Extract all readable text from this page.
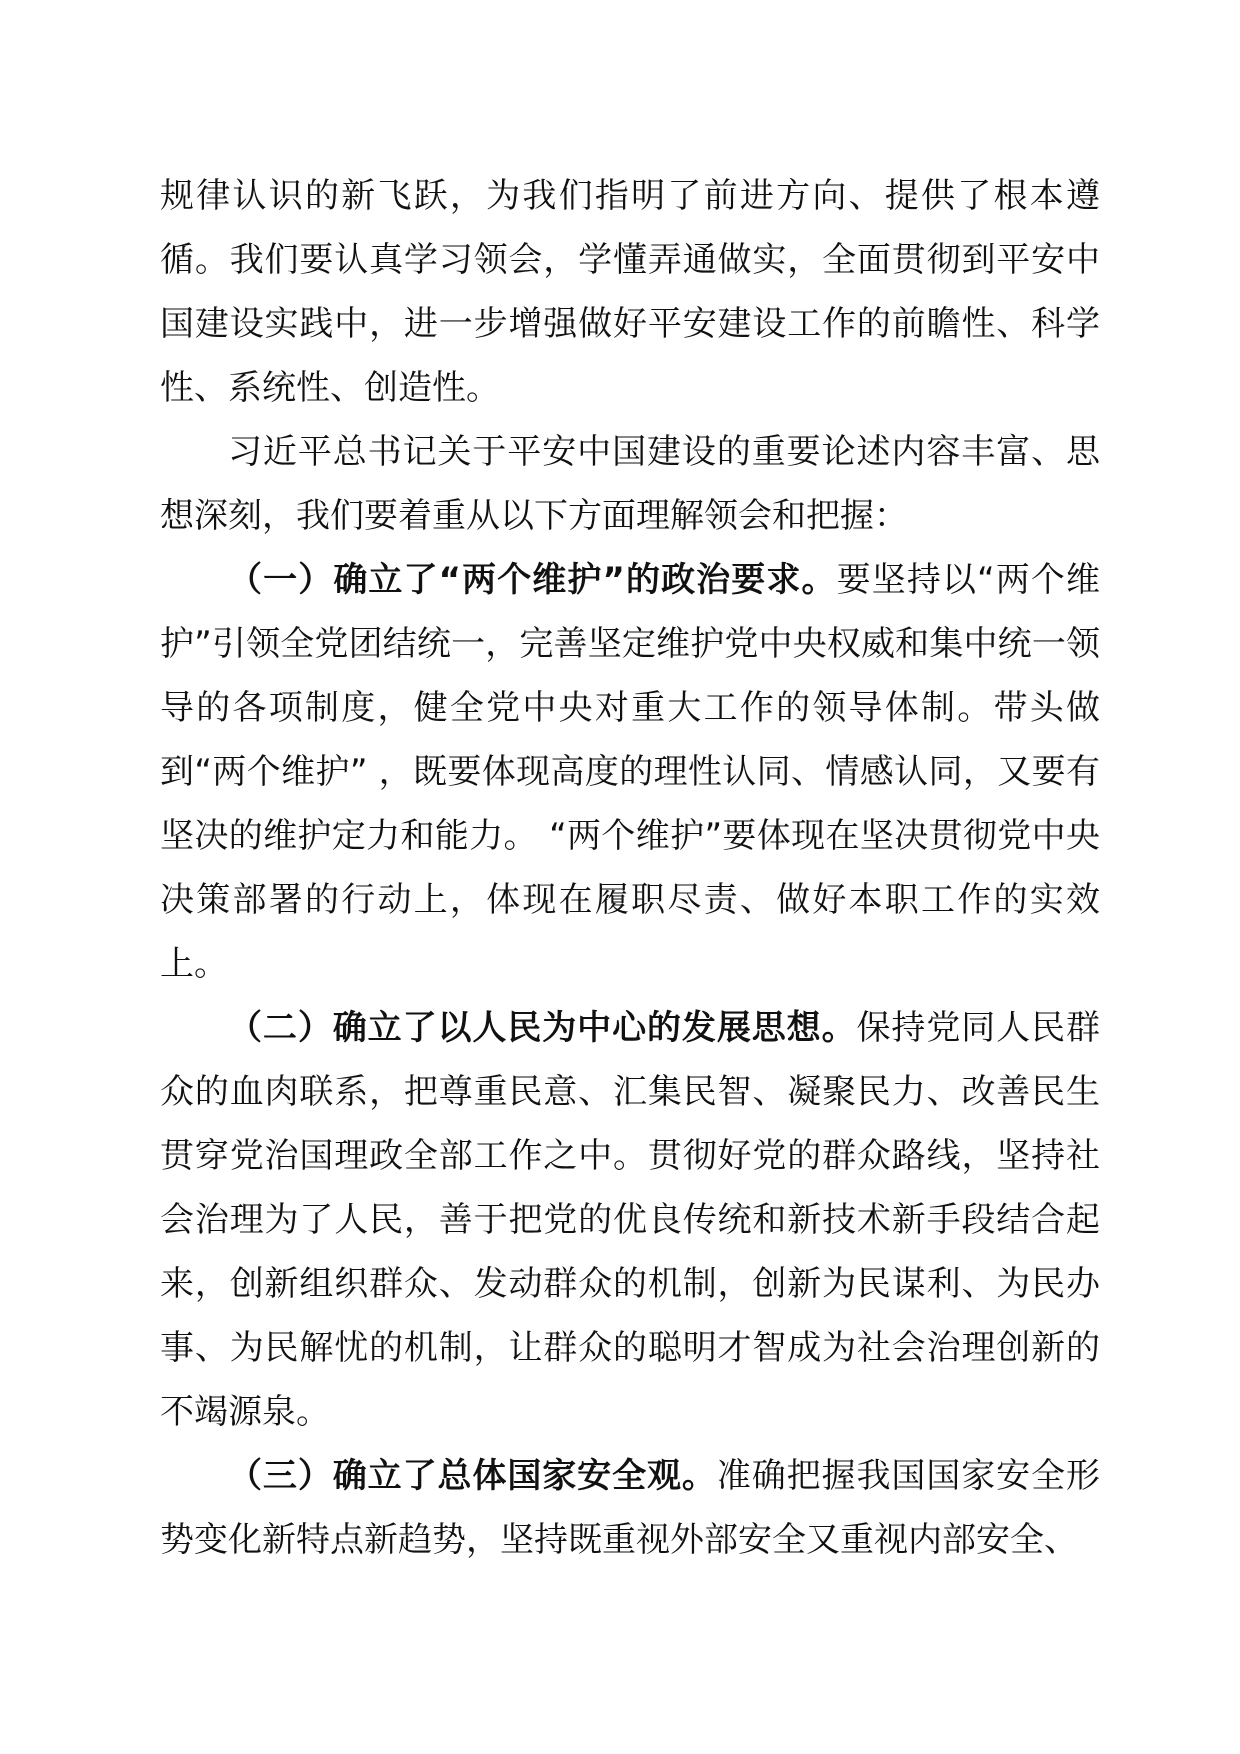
规律认识的新飞跃，为我们指明了前进方向、提供了根本遵循。我们要认真学习领会，学懂弄通做实，全面贯彻到平安中国建设实践中，进一步增强做好平安建设工作的前瞻性、科学性、系统性、创造性。

习近平总书记关于平安中国建设的重要论述内容丰富、思想深刻，我们要着重从以下方面理解领会和把握：

（一）确立了“两个维护”的政治要求。要坚持以“两个维护”引领全党团结统一，完善坚定维护党中央权威和集中统一领导的各项制度，健全党中央对重大工作的领导体制。带头做到“两个维护” ，既要体现高度的理性认同、情感认同，又要有坚决的维护定力和能力。 “两个维护”要体现在坚决贯彻党中央决策部署的行动上，体现在履职尽责、做好本职工作的实效上。

（二）确立了以人民为中心的发展思想。保持党同人民群众的血肉联系，把尊重民意、汇集民智、凝聚民力、改善民生贯穿党治国理政全部工作之中。贯彻好党的群众路线，坚持社会治理为了人民，善于把党的优良传统和新技术新手段结合起来，创新组织群众、发动群众的机制，创新为民谋利、为民办事、为民解忧的机制，让群众的聪明才智成为社会治理创新的不竭源泉。

（三）确立了总体国家安全观。准确把握我国国家安全形势变化新特点新趋势，坚持既重视外部安全又重视内部安全、
